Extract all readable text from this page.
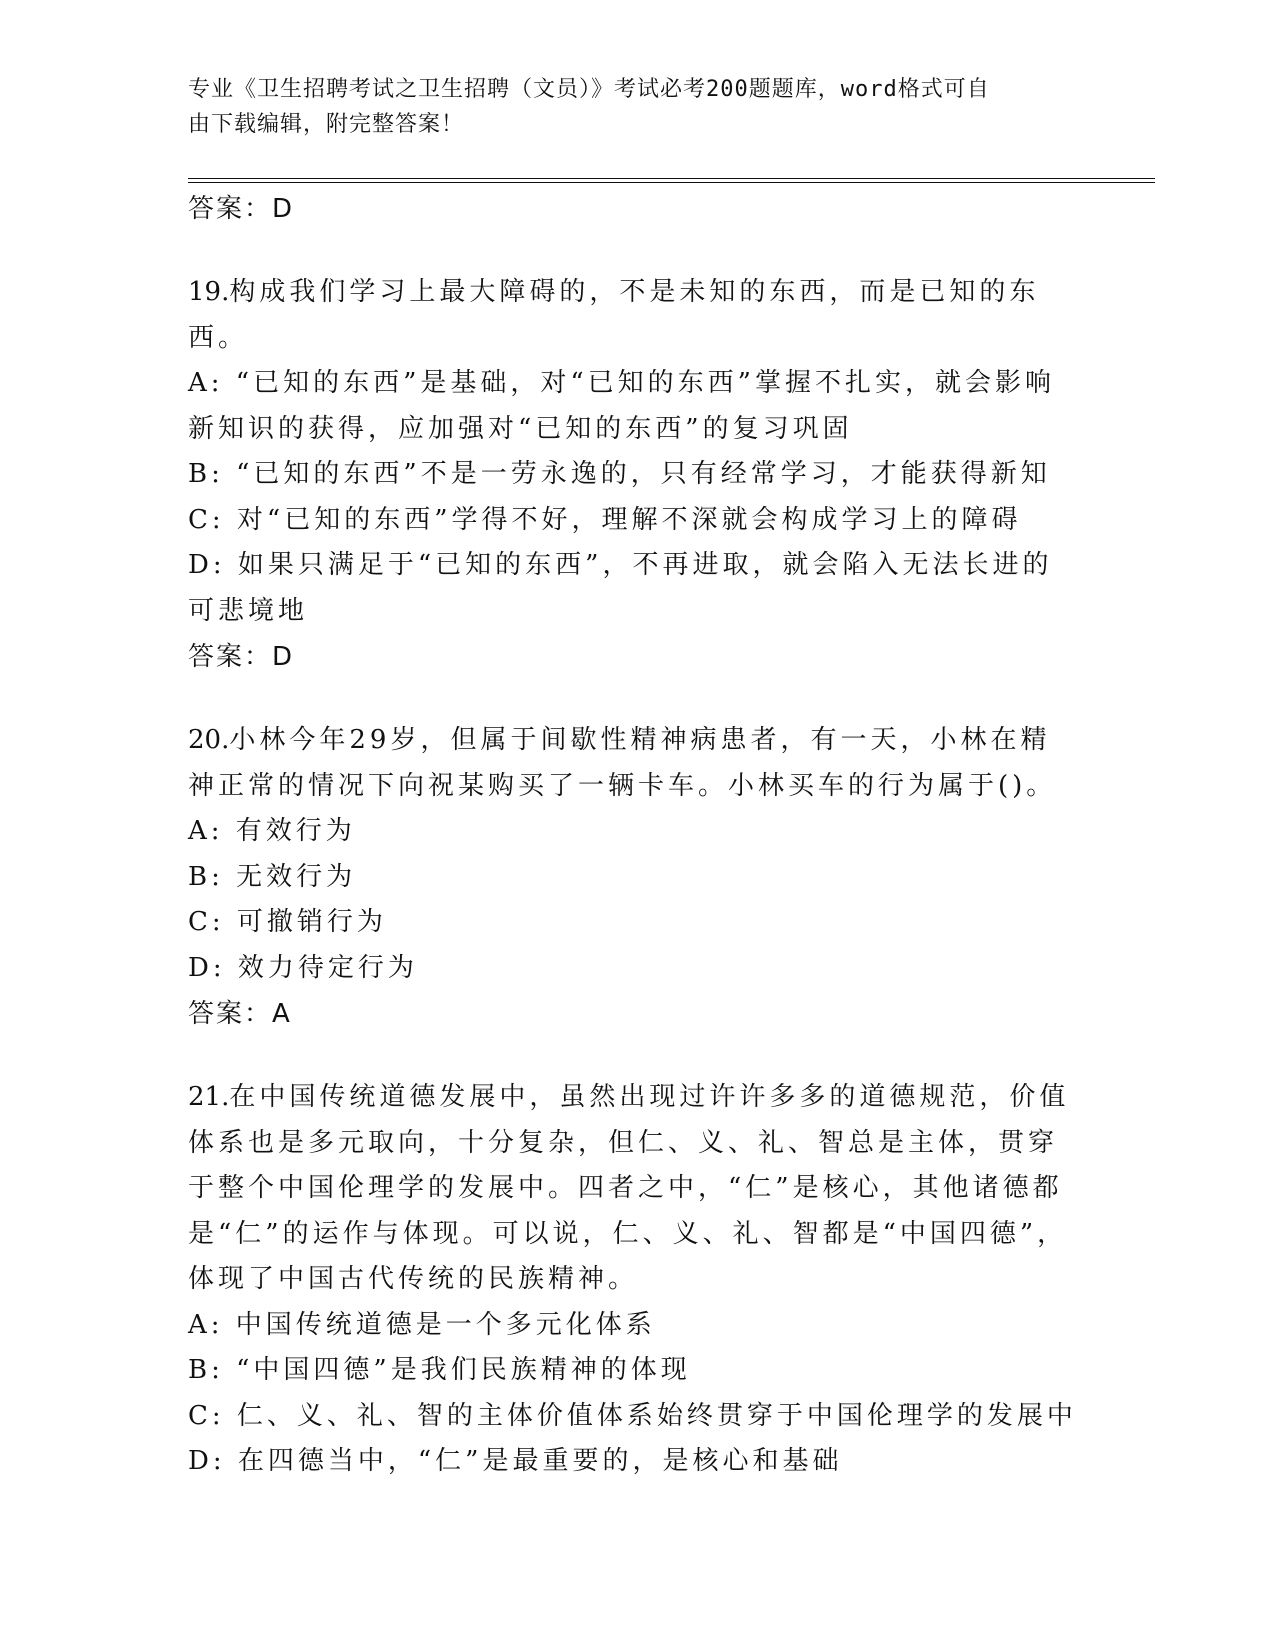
专业《卫生招聘考试之卫生招聘（文员）》考试必考200题题库，word格式可自
由下载编辑，附完整答案！

答案：D

19.构成我们学习上最大障碍的，不是未知的东西，而是已知的东西。

A: “已知的东西”是基础，对“已知的东西”掌握不扎实，就会影响新知识的获得，应加强对“已知的东西”的复习巩固

B: “已知的东西”不是一劳永逸的，只有经常学习，才能获得新知

C: 对“已知的东西”学得不好，理解不深就会构成学习上的障碍

D: 如果只满足于“已知的东西”，不再进取，就会陷入无法长进的可悲境地

答案：D

20.小林今年29岁，但属于间歇性精神病患者，有一天，小林在精神正常的情况下向祝某购买了一辆卡车。小林买车的行为属于()。

A: 有效行为

B: 无效行为

C: 可撤销行为

D: 效力待定行为

答案：A

21.在中国传统道德发展中，虽然出现过许许多多的道德规范，价值体系也是多元取向，十分复杂，但仁、义、礼、智总是主体，贯穿于整个中国伦理学的发展中。四者之中，“仁”是核心，其他诸德都是“仁”的运作与体现。可以说，仁、义、礼、智都是“中国四德”，体现了中国古代传统的民族精神。

A: 中国传统道德是一个多元化体系

B: “中国四德”是我们民族精神的体现

C: 仁、义、礼、智的主体价值体系始终贯穿于中国伦理学的发展中

D: 在四德当中，“仁”是最重要的，是核心和基础
